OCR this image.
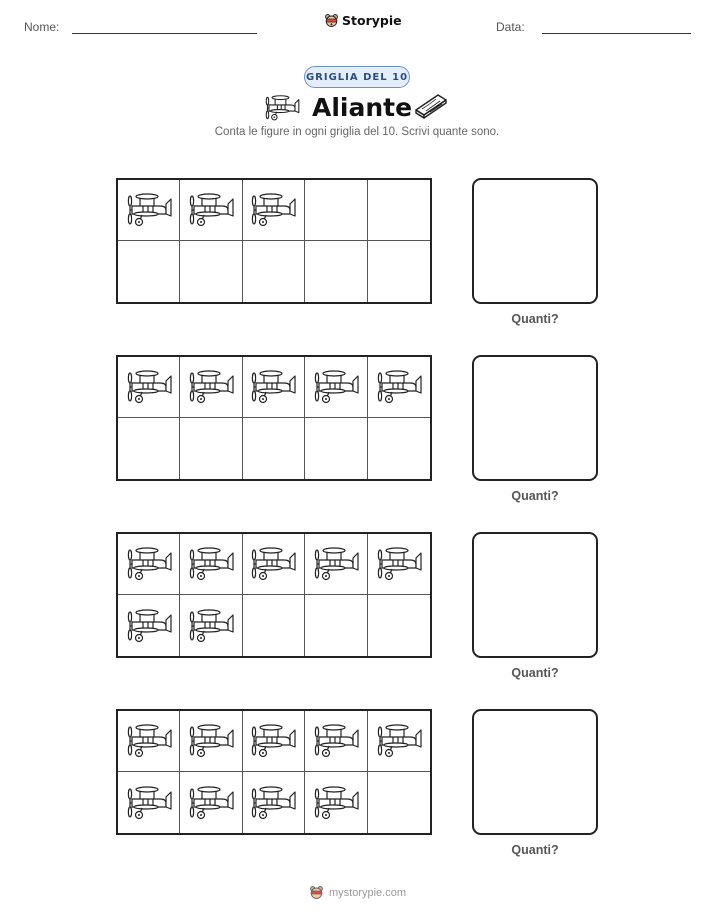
Nome:	Storypie	Data:
GRIGLIA DEL 10
Aliante
Conta le figure in ogni griglia del 10. Scrivi quante sono.
Quanti?
Quanti?
Quanti?
Quanti?
mystorypie.com
